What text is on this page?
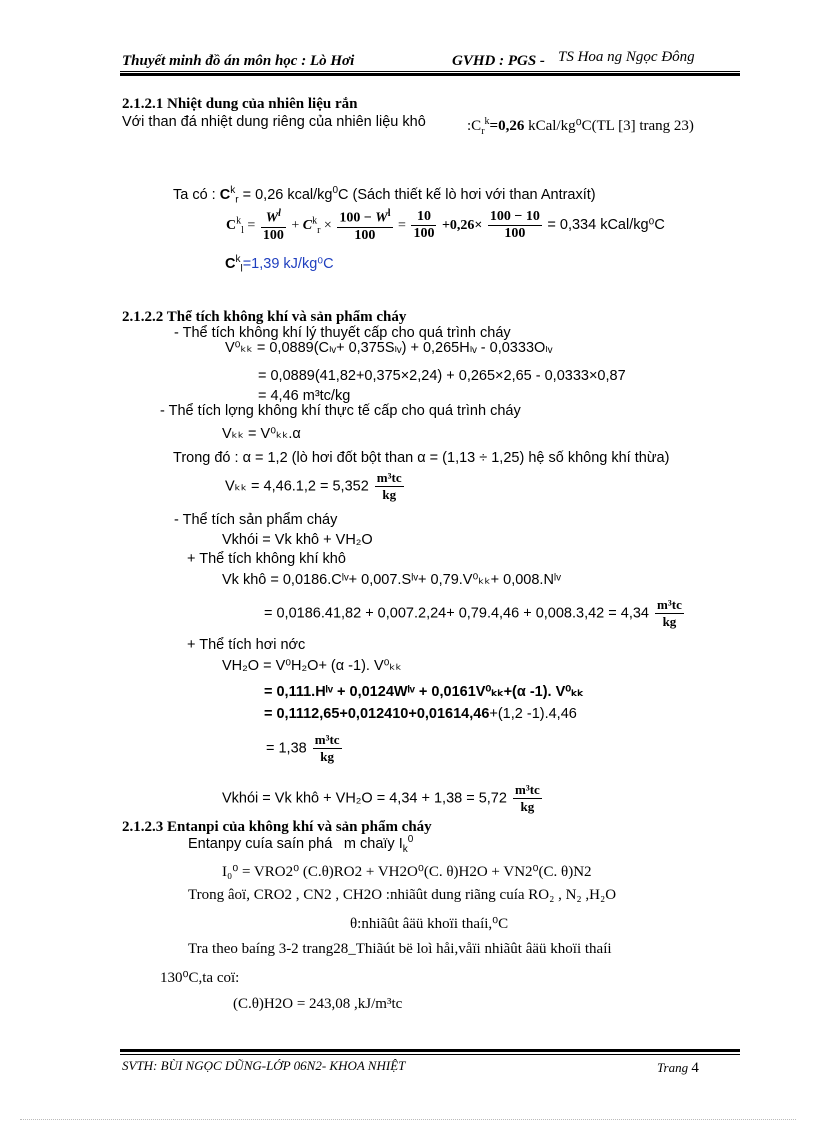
Thuyết minh đồ án môn học : Lò Hơi	GVHD : PGS - TS Hoa ng Ngọc Đông
2.1.2.1 Nhiệt dung của nhiên liệu rắn
Với than đá nhiệt dung riêng của nhiên liệu khô	$:C_r^k=0,26$ kCal/kg⁰C(TL [3] trang 23)
Ta có : $C^k_r = 0,26$ kcal/$kg^0C$ (Sách thiết kế lò hơi với than Antraxít)
$C^k_l = \frac{W^l}{100} + C^k_r \times \frac{100 - W^l}{100} = \frac{10}{100} +0,26\times \frac{100 - 10}{100} = 0,334$ kCal/kg⁰C
$C^k_l=1,39$ kJ/kg⁰C
2.1.2.2 Thể tích không khí và sản phẩm cháy
- Thể tích không khí lý thuyết cấp cho quá trình cháy
V⁰ₖₖ = 0,0889(Cₗᵥ+ 0,375Sₗᵥ) + 0,265Hₗᵥ - 0,0333Oₗᵥ
= 0,0889(41,82+0,375×2,24) + 0,265×2,65 - 0,0333×0,87
= 4,46 m³tc/kg
- Thể tích lợng không khí thực tế cấp cho quá trình cháy
Vₖₖ = V⁰ₖₖ.α
Trong đó : α = 1,2 (lò hơi đốt bột than α = (1,13 ÷ 1,25) hệ số không khí thừa)
$V_{kk} = 4,46.1,2 = 5,352 \frac{\text{m³tc}}{kg}$
- Thể tích sản phẩm cháy
Vkhói = Vk khô + VH₂O
+ Thể tích không khí khô
Vk khô = 0,0186.Cˡᵛ+ 0,007.Sˡᵛ+ 0,79.V⁰ₖₖ+ 0,008.Nˡᵛ
= $0,0186.41,82 + 0,007.2,24+ 0,79.4,46 + 0,008.3,42 = 4,34 \frac{\text{m³tc}}{kg}$
+ Thể tích hơi nớc
VH₂O = V⁰H₂O+ (α -1). V⁰ₖₖ
= 0,111.Hˡᵛ + 0,0124Wˡᵛ + 0,0161V⁰ₖₖ+(α -1). V⁰ₖₖ
= 0,1112,65+0,012410+0,01614,46+(1,2 -1).4,46
= $1,38 \frac{\text{m³tc}}{kg}$
Vkhói = Vk khô + $VH_2O = 4,34 + 1,38 = 5,72 \frac{\text{m³tc}}{kg}$
2.1.2.3 Entanpi của không khí và sản phẩm cháy
Entanpy cuía saín phám chaïy $I_k^0$
I₀⁰ = VRO2⁰ (C.θ)RO2 + VH2O⁰(C. θ)H2O + VN2⁰(C. θ)N2
Trong âoï, CRO2 , CN2 , CH2O :nhiãût dung riãng cuía RO₂ , N₂ ,H₂O
θ:nhiãût âäü khoïi thaíi,⁰C
Tra theo baíng 3-2 trang28_Thiãút bë loì håi,våïi nhiãût âäü khoïi thaíi
130⁰C,ta coï:
(C.θ)H2O = 243,08 ,kJ/m³tc
SVTH: BÙI NGỌC DŨNG-LỚP 06N2- KHOA NHIỆT	Trang 4
